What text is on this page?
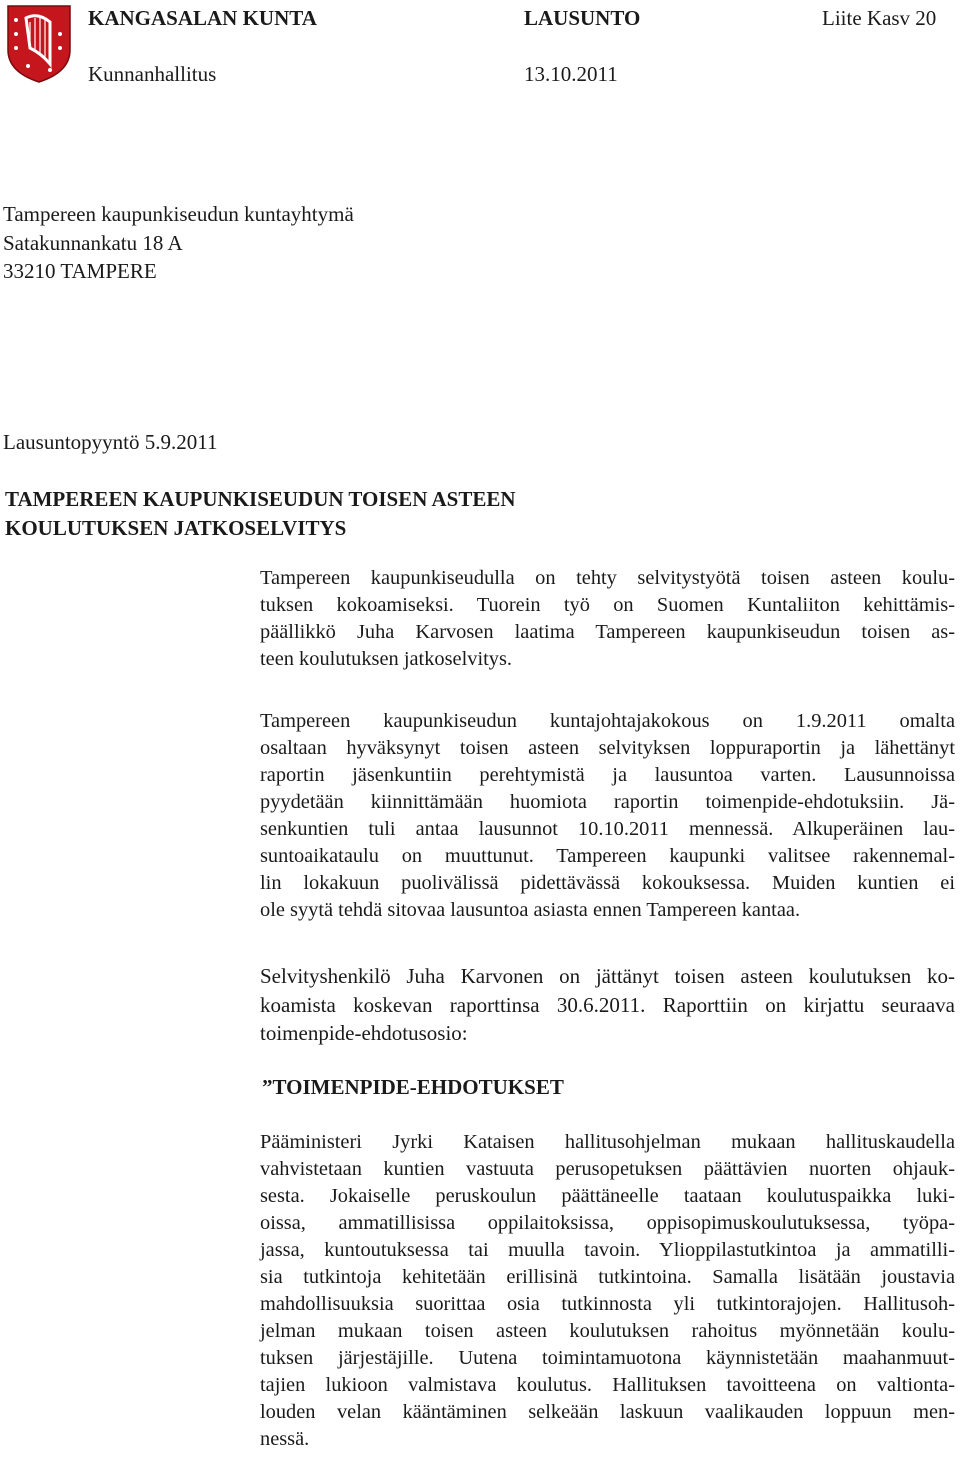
KANGASALAN KUNTA	LAUSUNTO	Liite Kasv 20
Kunnanhallitus	13.10.2011
Tampereen kaupunkiseudun kuntayhtymä
Satakunnankatu 18 A
33210 TAMPERE
Lausuntopyyntö 5.9.2011
TAMPEREEN KAUPUNKISEUDUN TOISEN ASTEEN
KOULUTUKSEN JATKOSELVITYS
Tampereen kaupunkiseudulla on tehty selvitystyötä toisen asteen koulu-
tuksen kokoamiseksi. Tuorein työ on Suomen Kuntaliiton kehittämis-
päällikkö Juha Karvosen laatima Tampereen kaupunkiseudun toisen as-
teen koulutuksen jatkoselvitys.
Tampereen kaupunkiseudun kuntajohtajakokous on 1.9.2011 omalta
osaltaan hyväksynyt toisen asteen selvityksen loppuraportin ja lähettänyt
raportin jäsenkuntiin perehtymistä ja lausuntoa varten. Lausunnoissa
pyydetään kiinnittämään huomiota raportin toimenpide-ehdotuksiin. Jä-
senkuntien tuli antaa lausunnot 10.10.2011 mennessä. Alkuperäinen lau-
suntoaikataulu on muuttunut. Tampereen kaupunki valitsee rakennemal-
lin lokakuun puolivälissä pidettävässä kokouksessa. Muiden kuntien ei
ole syytä tehdä sitovaa lausuntoa asiasta ennen Tampereen kantaa.
Selvityshenkilö Juha Karvonen on jättänyt toisen asteen koulutuksen ko-
koamista koskevan raporttinsa 30.6.2011. Raporttiin on kirjattu seuraava
toimenpide-ehdotusosio:
”TOIMENPIDE-EHDOTUKSET
Pääministeri Jyrki Kataisen hallitusohjelman mukaan hallituskaudella
vahvistetaan kuntien vastuuta perusopetuksen päättävien nuorten ohjauk-
sesta. Jokaiselle peruskoulun päättäneelle taataan koulutuspaikka luki-
oissa, ammatillisissa oppilaitoksissa, oppisopimuskoulutuksessa, työpa-
jassa, kuntoutuksessa tai muulla tavoin. Ylioppilastutkintoa ja ammatilli-
sia tutkintoja kehitetään erillisinä tutkintoina. Samalla lisätään joustavia
mahdollisuuksia suorittaa osia tutkinnosta yli tutkintorajojen. Hallitusoh-
jelman mukaan toisen asteen koulutuksen rahoitus myönnetään koulu-
tuksen järjestäjille. Uutena toimintamuotona käynnistetään maahanmuut-
tajien lukioon valmistava koulutus. Hallituksen tavoitteena on valtionta-
louden velan kääntäminen selkeään laskuun vaalikauden loppuun men-
nessä.
